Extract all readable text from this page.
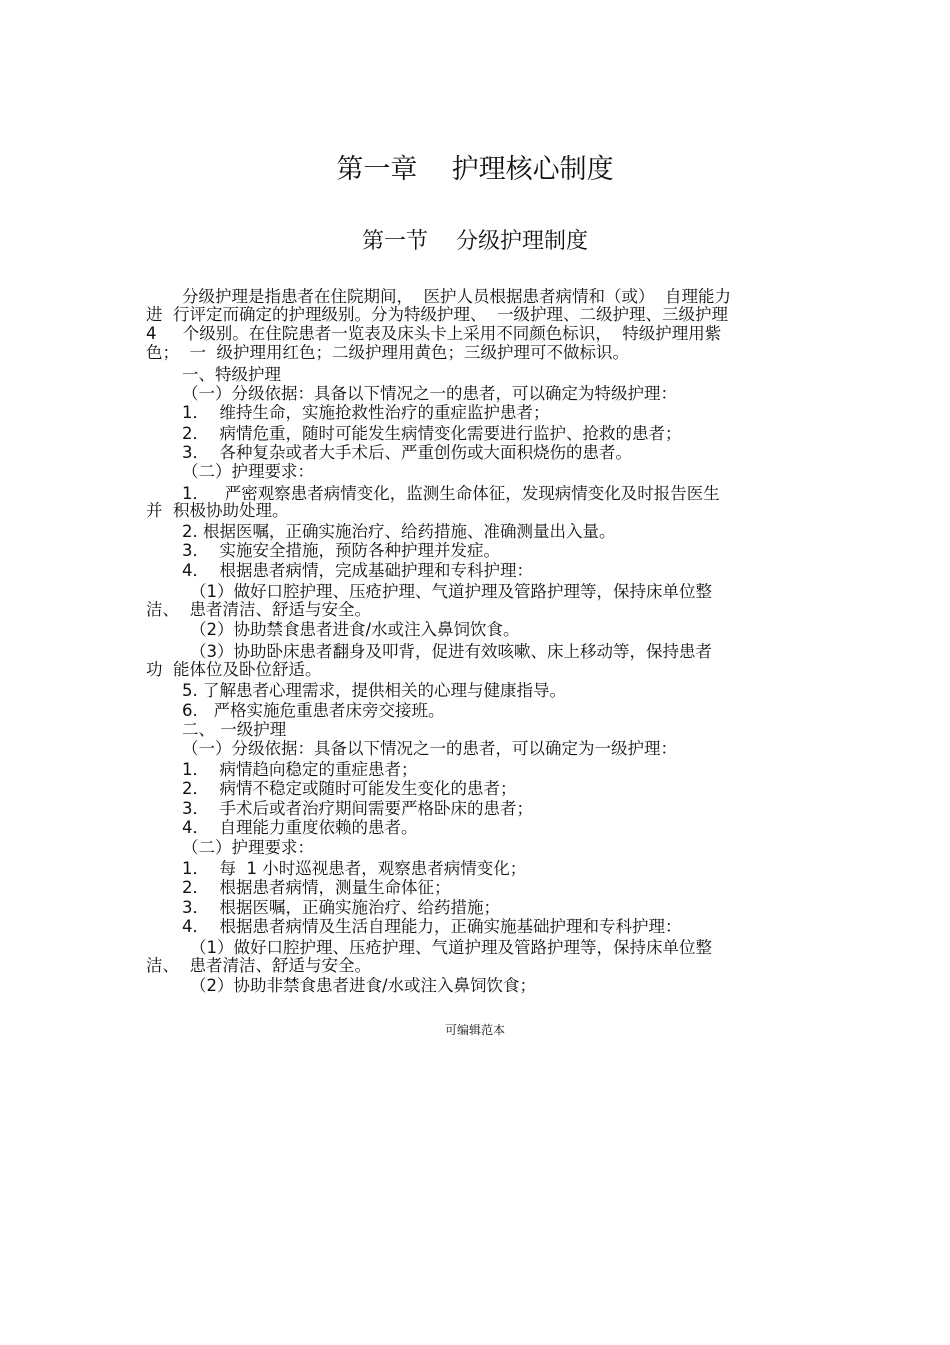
第一章    护理核心制度
第一节    分级护理制度
分级护理是指患者在住院期间，  医护人员根据患者病情和（或）  自理能力
进  行评定而确定的护理级别。分为特级护理、  一级护理、二级护理、三级护理
4     个级别。在住院患者一览表及床头卡上采用不同颜色标识，  特级护理用紫
色；  一  级护理用红色；二级护理用黄色；三级护理可不做标识。
一、特级护理
（一）分级依据：具备以下情况之一的患者，可以确定为特级护理：
1．  维持生命，实施抢救性治疗的重症监护患者；
2．  病情危重，随时可能发生病情变化需要进行监护、抢救的患者；
3．  各种复杂或者大手术后、严重创伤或大面积烧伤的患者。
（二）护理要求：
1．   严密观察患者病情变化，监测生命体征，发现病情变化及时报告医生
并  积极协助处理。
2. 根据医嘱，正确实施治疗、给药措施、准确测量出入量。
3．  实施安全措施，预防各种护理并发症。
4．  根据患者病情，完成基础护理和专科护理：
（1）做好口腔护理、压疮护理、气道护理及管路护理等，保持床单位整
洁、  患者清洁、舒适与安全。
（2）协助禁食患者进食/水或注入鼻饲饮食。
（3）协助卧床患者翻身及叩背，促进有效咳嗽、床上移动等，保持患者
功  能体位及卧位舒适。
5. 了解患者心理需求，提供相关的心理与健康指导。
6.   严格实施危重患者床旁交接班。
二、 一级护理
（一）分级依据：具备以下情况之一的患者，可以确定为一级护理：
1．  病情趋向稳定的重症患者；
2．  病情不稳定或随时可能发生变化的患者；
3．  手术后或者治疗期间需要严格卧床的患者；
4．  自理能力重度依赖的患者。
（二）护理要求：
1．  每  1 小时巡视患者，观察患者病情变化；
2．  根据患者病情，测量生命体征；
3．  根据医嘱，正确实施治疗、给药措施；
4．  根据患者病情及生活自理能力，正确实施基础护理和专科护理：
（1）做好口腔护理、压疮护理、气道护理及管路护理等，保持床单位整
洁、  患者清洁、舒适与安全。
（2）协助非禁食患者进食/水或注入鼻饲饮食；
可编辑范本
